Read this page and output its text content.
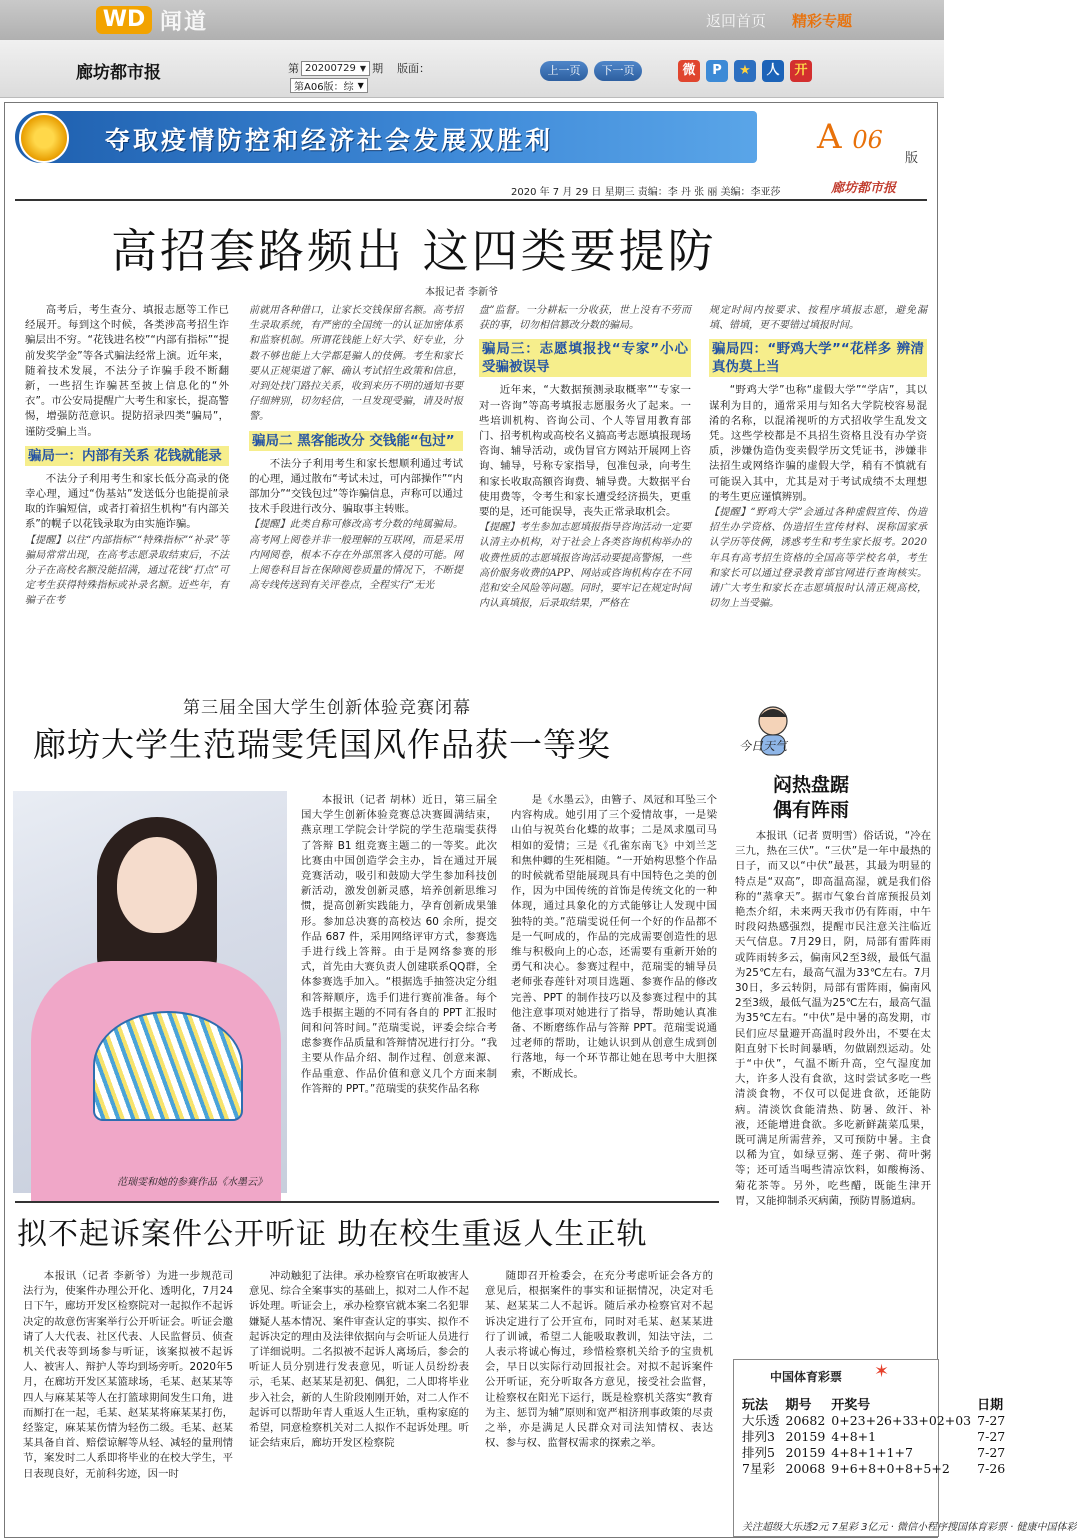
WD 闻道	返回首页 精彩专题
廊坊都市报	第 20200729 ▼ 期 版面：
第A06版：综 ▼
上一页	下一页	微	P	★	人	开
夺取疫情防控和经济社会发展双胜利	A 06
版
2020 年 7 月 29 日 星期三 责编：李 丹 张 丽 美编：李亚莎	廊坊都市报
高招套路频出 这四类要提防
本报记者 李新爷

高考后，考生查分、填报志愿等工作已经展开。每到这个时候，各类涉高考招生诈骗层出不穷。“花钱进名校”“内部有指标”“提前发奖学金”等各式骗法经常上演。近年来，随着技术发展，不法分子诈骗手段不断翻新，一些招生诈骗甚至披上信息化的“外衣”。市公安局提醒广大考生和家长，提高警惕，增强防范意识。提防招录四类“骗局”，谨防受骗上当。

骗局一：内部有关系 花钱就能录

不法分子利用考生和家长低分高录的侥幸心理，通过“伪基站”发送低分也能提前录取的诈骗短信，或者打着招生机构“有内部关系”的幌子以花钱录取为由实施诈骗。

【提醒】以往“内部指标”“特殊指标”“补录”等骗局常常出现，在高考志愿录取结束后，不法分子在高校名额没能招满，通过花钱“打点”可定考生获得特殊指标或补录名额。近些年，有骗子在考

前就用各种借口，让家长交钱保留名额。高考招生录取系统，有严密的全国统一的认证加密体系和监察机制。所谓花钱能上好大学、好专业，分数不够也能上大学都是骗人的伎俩。考生和家长要从正规渠道了解、确认考试招生政策和信息，对到处找门路拉关系，收到来历不明的通知书要仔细辨别，切勿轻信，一旦发现受骗，请及时报警。

骗局二 黑客能改分 交钱能“包过”

不法分子利用考生和家长想顺利通过考试的心理，通过散布“考试未过，可内部操作”“内部加分”“交钱包过”等诈骗信息，声称可以通过技术手段进行改分、骗取事主转账。

【提醒】此类自称可修改高考分数的纯属骗局。高考网上阅卷并非一般理解的互联网，而是采用内网阅卷，根本不存在外部黑客入侵的可能。网上阅卷科目旨在保障阅卷质量的情况下，不断提高专线传送到有关评卷点，全程实行“无光

盘”监督。一分耕耘一分收获，世上没有不劳而获的事，切勿相信篡改分数的骗局。

骗局三：志愿填报找“专家”小心受骗被误导

近年来，“大数据预测录取概率”“专家一对一咨询”等高考填报志愿服务火了起来。一些培训机构、咨询公司、个人等冒用教育部门、招考机构或高校名义搞高考志愿填报现场咨询、辅导活动，或伪冒官方网站开展网上咨询、辅导，号称专家指导，包准包录，向考生和家长收取高额咨询费、辅导费。大数据平台使用费等，令考生和家长遭受经济损失，更重要的是，还可能误导，丧失正常录取机会。

【提醒】考生参加志愿填报指导咨询活动一定要认清主办机构，对于社会上各类咨询机构举办的收费性质的志愿填报咨询活动要提高警惕，一些高价服务收费的APP、网站或咨询机构存在不同范和安全风险等问题。同时，要牢记在规定时间内认真填报，后录取结果，严格在

规定时间内按要求、按程序填报志愿，避免漏填、错填，更不要错过填报时间。

骗局四：“野鸡大学”“花样多 辨清真伪莫上当

“野鸡大学”也称“虚假大学”“学店”，其以谋利为目的，通常采用与知名大学院校容易混淆的名称，以混淆视听的方式招收学生乱发文凭。这些学校都是不具招生资格且没有办学资质，涉嫌伪造伪变卖假学历文凭证书，涉嫌非法招生或网络诈骗的虚假大学，稍有不慎就有可能误入其中，尤其是对于考试成绩不太理想的考生更应谨慎辨别。

【提醒】“野鸡大学”会通过各种虚假宣传、伪造招生办学资格、伪造招生宣传材料、误称国家承认学历等伎俩，诱惑考生和考生家长报考。2020年具有高考招生资格的全国高等学校名单，考生和家长可以通过登录教育部官网进行查询核实。请广大考生和家长在志愿填报时认清正规高校，切勿上当受骗。

第三届全国大学生创新体验竞赛闭幕
廊坊大学生范瑞雯凭国风作品获一等奖
范瑞雯和她的参赛作品《水墨云》

本报讯（记者 胡林）近日，第三届全国大学生创新体验竞赛总决赛圆满结束，燕京理工学院会计学院的学生范瑞雯获得了答辩 B1 组竞赛主题二的一等奖。此次比赛由中国创造学会主办，旨在通过开展竞赛活动，吸引和鼓励大学生参加科技创新活动，激发创新灵感，培养创新思维习惯，提高创新实践能力，孕育创新成果雏形。参加总决赛的高校达 60 余所，提交作品 687 件，采用网络评审方式，参赛选手进行线上答辩。由于是网络参赛的形式，首先由大赛负责人创建联系QQ群，全体参赛选手加入。“根据选手抽签决定分组和答辩顺序，选手们进行赛前准备。每个选手根据主题的不同有各自的 PPT 汇报时间和问答时间。”范瑞雯说，评委会综合考虑参赛作品质量和答辩情况进行打分。“我主要从作品介绍、制作过程、创意来源、作品重意、作品价值和意义几个方面来制作答辩的 PPT。”范瑞雯的获奖作品名称

是《水墨云》，由簪子、凤冠和耳坠三个内容构成。她引用了三个爱情故事，一是梁山伯与祝英台化蝶的故事；二是凤求凰司马相如的爱情；三是《孔雀东南飞》中刘兰芝和焦仲卿的生死相随。“一开始构思整个作品的时候就希望能展现具有中国特色之美的创作，因为中国传统的首饰是传统文化的一种体现，通过具象化的方式能够让人发现中国独特的美。”范瑞雯说任何一个好的作品都不是一气呵成的，作品的完成需要创造性的思维与积极向上的心态，还需要有重新开始的勇气和决心。参赛过程中，范瑞雯的辅导员老师张春莲针对项目选题、参赛作品的修改完善、PPT 的制作技巧以及参赛过程中的其他注意事项对她进行了指导，帮助她认真准备、不断磨练作品与答辩 PPT。范瑞雯说通过老师的帮助，让她认识到从创意生成到创行落地，每一个环节都让她在思考中大胆探索，不断成长。

今日天气
闷热盘踞
偶有阵雨

本报讯（记者 贾明雪）俗话说，“冷在三九，热在三伏”。“三伏”是一年中最热的日子，而又以“中伏”最甚，其最为明显的特点是“双高”，即高温高湿，就是我们俗称的“蒸拿天”。据市气象台首席预报员刘艳杰介绍，未来两天我市仍有阵雨，中午时段闷热感强烈，提醒市民注意关注临近天气信息。7月29日，阴，局部有雷阵雨或阵雨转多云，偏南风2至3级，最低气温为25℃左右，最高气温为33℃左右。7月30日，多云转阴，局部有雷阵雨，偏南风2至3级，最低气温为25℃左右，最高气温为35℃左右。“中伏”是中暑的高发期，市民们应尽量避开高温时段外出，不要在太阳直射下长时间暴晒，勿做剧烈运动。处于“中伏”，气温不断升高，空气湿度加大，许多人没有食欲，这时尝试多吃一些清淡食物，不仅可以促进食欲，还能防病。清淡饮食能清热、防暑、敛汗、补液，还能增进食欲。多吃新鲜蔬菜瓜果，既可满足所需营养，又可预防中暑。主食以稀为宜，如绿豆粥、莲子粥、荷叶粥等；还可适当喝些清凉饮料，如酸梅汤、菊花茶等。另外，吃些醋，既能生津开胃，又能抑制杀灭病菌，预防胃肠道病。

拟不起诉案件公开听证 助在校生重返人生正轨

本报讯（记者 李新爷）为进一步规范司法行为，使案件办理公开化、透明化，7月24日下午，廊坊开发区检察院对一起拟作不起诉决定的故意伤害案举行公开听证会。听证会邀请了人大代表、社区代表、人民监督员、侦查机关代表等到场参与听证，该案拟被不起诉人、被害人、辩护人等均到场旁听。2020年5月，在廊坊开发区某篮球场，毛某、赵某某等四人与麻某某等人在打篮球期间发生口角，进而厮打在一起，毛某、赵某某将麻某某打伤，经鉴定，麻某某伤情为轻伤二级。毛某、赵某某具备自首、赔偿谅解等从轻、减轻的量刑情节，案发时二人系即将毕业的在校大学生，平日表现良好，无前科劣迹，因一时

冲动触犯了法律。承办检察官在听取被害人意见、综合全案事实的基础上，拟对二人作不起诉处理。听证会上，承办检察官就本案二名犯罪嫌疑人基本情况、案件审查认定的事实、拟作不起诉决定的理由及法律依据向与会听证人员进行了详细说明。二名拟被不起诉人离场后，参会的听证人员分别进行发表意见，听证人员纷纷表示，毛某、赵某某是初犯、偶犯，二人即将毕业步入社会，新的人生阶段刚刚开始，对二人作不起诉可以帮助年青人重返人生正轨，重构家庭的希望，同意检察机关对二人拟作不起诉处理。听证会结束后，廊坊开发区检察院

随即召开检委会，在充分考虑听证会各方的意见后，根据案件的事实和证据情况，决定对毛某、赵某某二人不起诉。随后承办检察官对不起诉决定进行了公开宣布，同时对毛某、赵某某进行了训诫，希望二人能吸取教训，知法守法，二人表示将诚心悔过，珍惜检察机关给予的宝贵机会，早日以实际行动回报社会。对拟不起诉案件公开听证，充分听取各方意见，接受社会监督，让检察权在阳光下运行，既是检察机关落实“教育为主、惩罚为辅”原则和宽严相济刑事政策的尽责之举，亦是满足人民群众对司法知情权、表达权、参与权、监督权需求的探索之举。

中国体育彩票 ✶
玩法	期号	开奖号	日期
大乐透	20682	0+23+26+33+02+03	7-27
排列3	20159	4+8+1	7-27
排列5	20159	4+8+1+1+7	7-27
7星彩	20068	9+6+8+0+8+5+2	7-26
关注超级大乐透2元 7星彩 3亿元 · 微信小程序搜国体育彩票 · 健康中国体彩
